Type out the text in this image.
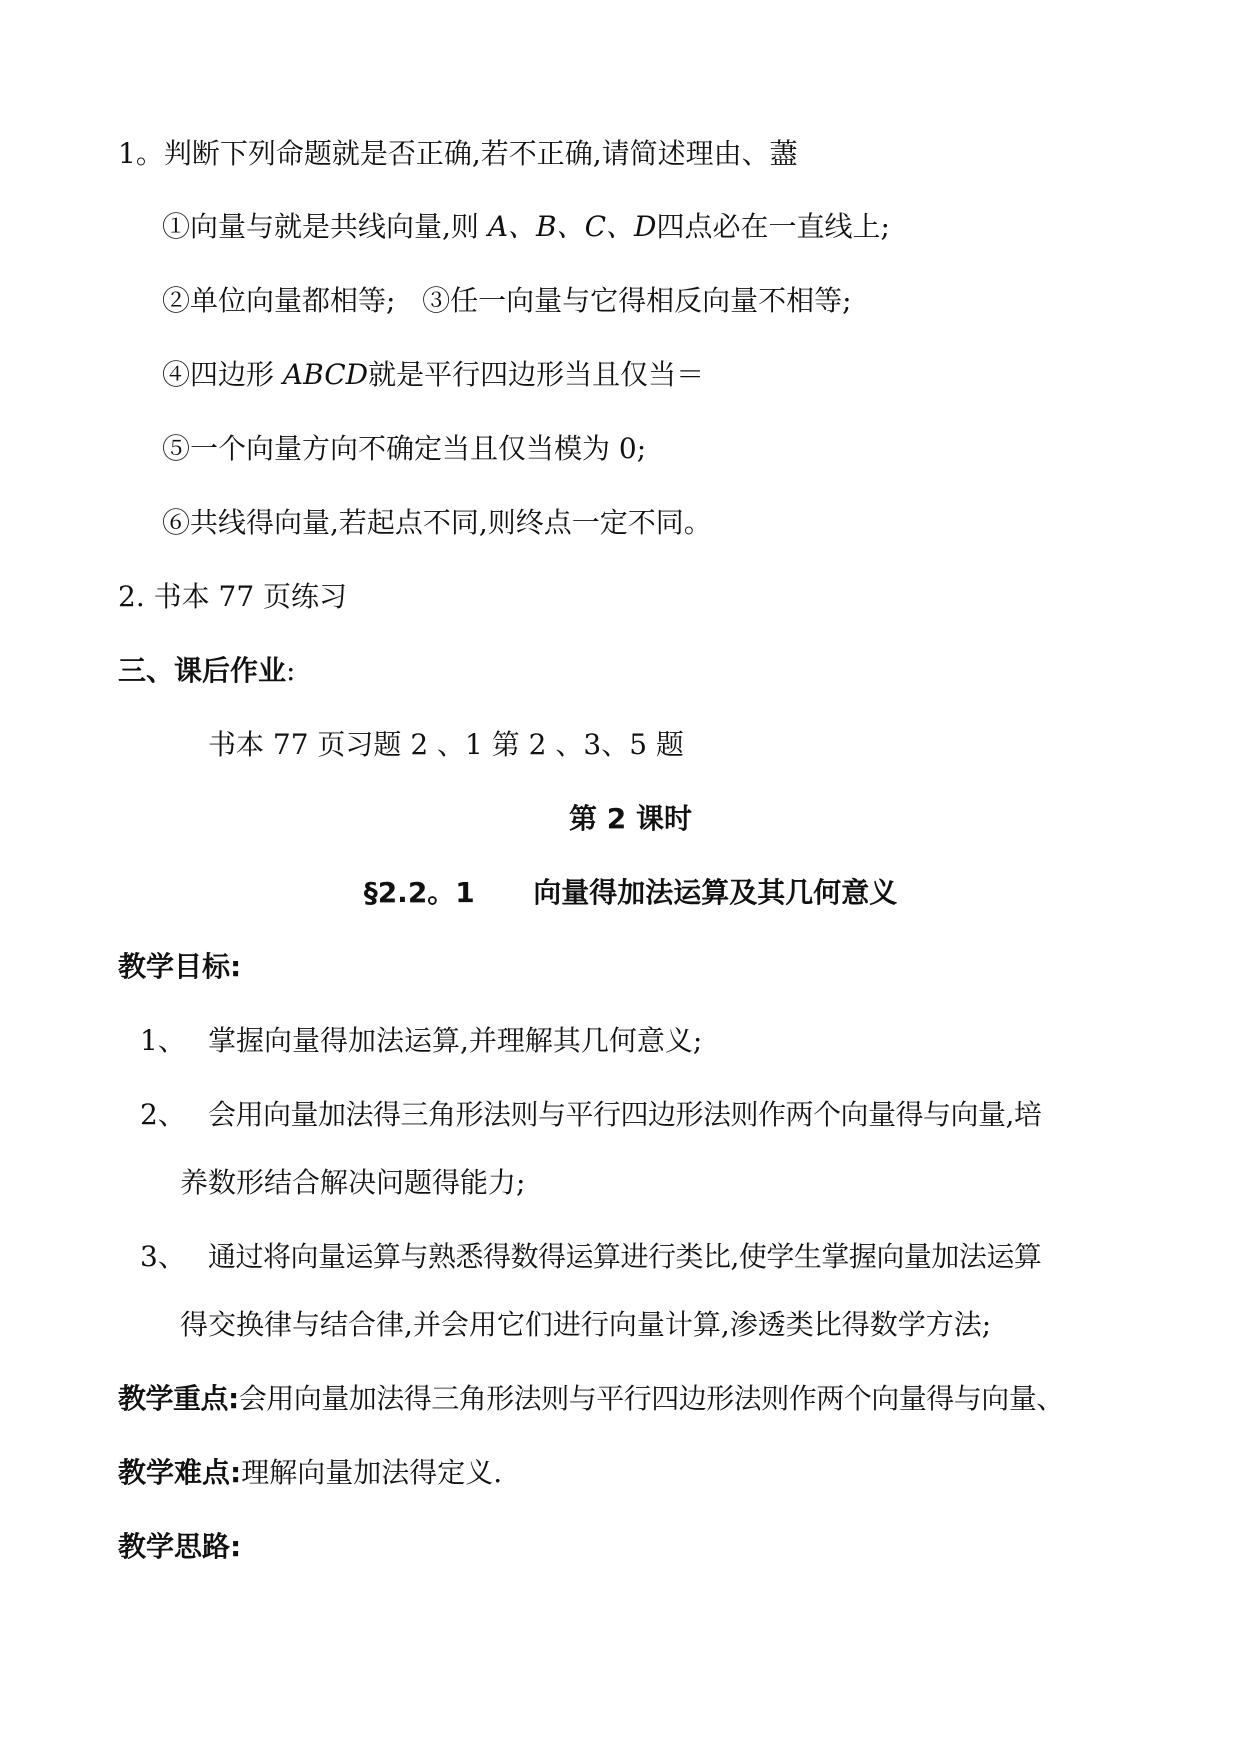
1。判断下列命题就是否正确,若不正确,请简述理由、藎
①向量与就是共线向量,则 A、B、C、D四点必在一直线上;
②单位向量都相等;   ③任一向量与它得相反向量不相等;
④四边形 ABCD就是平行四边形当且仅当＝
⑤一个向量方向不确定当且仅当模为 0;
⑥共线得向量,若起点不同,则终点一定不同。
2. 书本 77 页练习
三、课后作业:
书本 77 页习题 2 、1 第 2 、3、5 题
第 2 课时
§2.2。1      向量得加法运算及其几何意义
教学目标:
1、 掌握向量得加法运算,并理解其几何意义;
2、 会用向量加法得三角形法则与平行四边形法则作两个向量得与向量,培
养数形结合解决问题得能力;
3、 通过将向量运算与熟悉得数得运算进行类比,使学生掌握向量加法运算
得交换律与结合律,并会用它们进行向量计算,渗透类比得数学方法;
教学重点:会用向量加法得三角形法则与平行四边形法则作两个向量得与向量、
教学难点:理解向量加法得定义.
教学思路:
